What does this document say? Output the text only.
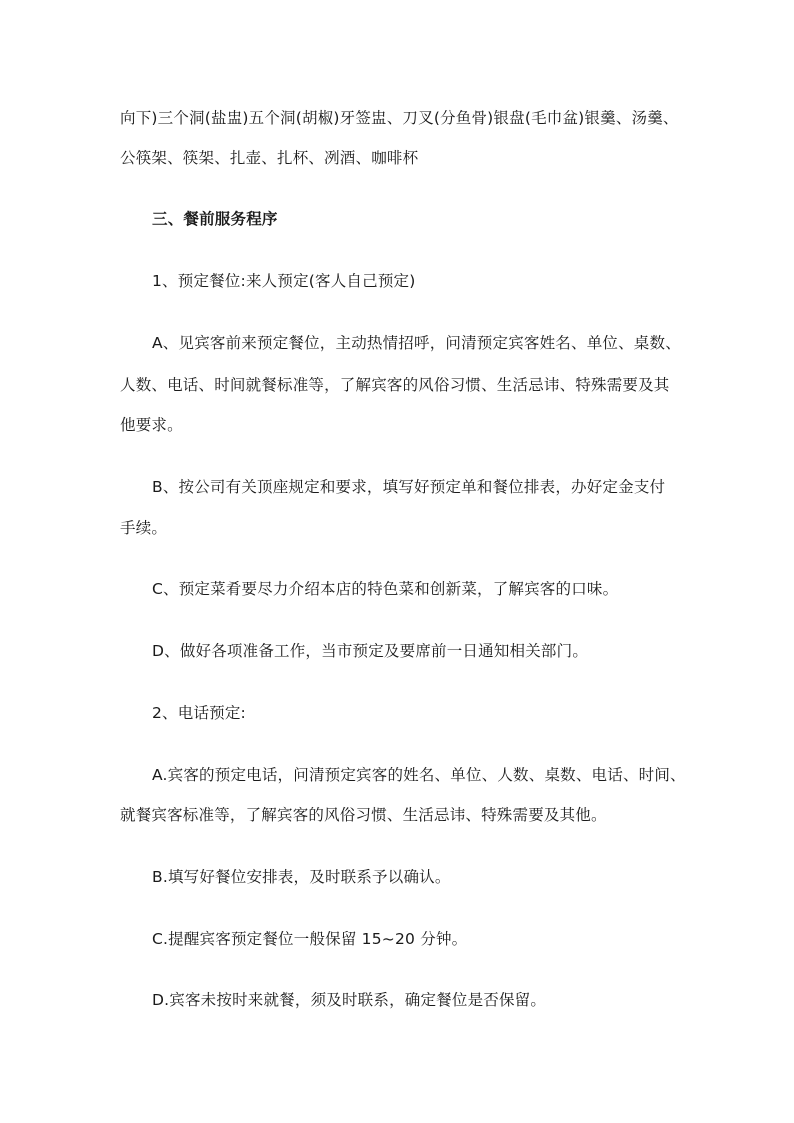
向下)三个洞(盐盅)五个洞(胡椒)牙签盅、刀叉(分鱼骨)银盘(毛巾盆)银羹、汤羹、
公筷架、筷架、扎壶、扎杯、冽酒、咖啡杯
三、餐前服务程序
1、预定餐位:来人预定(客人自己预定)
A、见宾客前来预定餐位，主动热情招呼，问清预定宾客姓名、单位、桌数、
人数、电话、时间就餐标准等，了解宾客的风俗习惯、生活忌讳、特殊需要及其
他要求。
B、按公司有关顶座规定和要求，填写好预定单和餐位排表，办好定金支付
手续。
C、预定菜肴要尽力介绍本店的特色菜和创新菜，了解宾客的口味。
D、做好各项准备工作，当市预定及要席前一日通知相关部门。
2、电话预定:
A.宾客的预定电话，问清预定宾客的姓名、单位、人数、桌数、电话、时间、
就餐宾客标准等，了解宾客的风俗习惯、生活忌讳、特殊需要及其他。
B.填写好餐位安排表，及时联系予以确认。
C.提醒宾客预定餐位一般保留 15~20 分钟。
D.宾客未按时来就餐，须及时联系，确定餐位是否保留。
